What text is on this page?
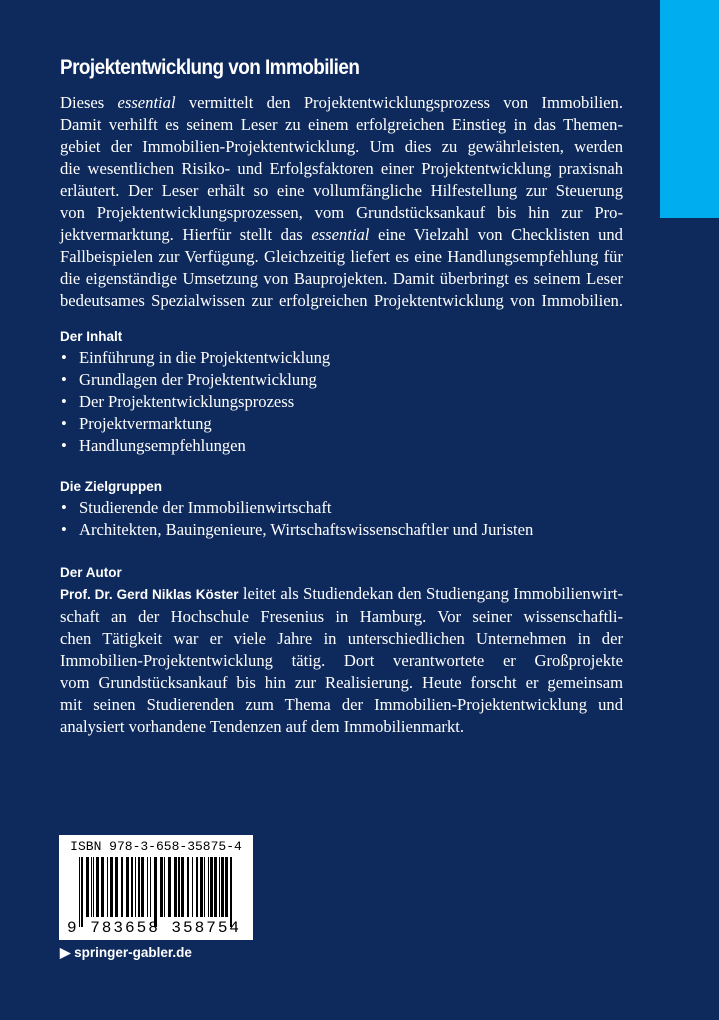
Projektentwicklung von Immobilien
Dieses essential vermittelt den Projektentwicklungsprozess von Immobilien.
Damit verhilft es seinem Leser zu einem erfolgreichen Einstieg in das Themen-
gebiet der Immobilien-Projektentwicklung. Um dies zu gewährleisten, werden
die wesentlichen Risiko- und Erfolgsfaktoren einer Projektentwicklung praxisnah
erläutert. Der Leser erhält so eine vollumfängliche Hilfestellung zur Steuerung
von Projektentwicklungsprozessen, vom Grundstücksankauf bis hin zur Pro-
jektvermarktung. Hierfür stellt das essential eine Vielzahl von Checklisten und
Fallbeispielen zur Verfügung. Gleichzeitig liefert es eine Handlungsempfehlung für
die eigenständige Umsetzung von Bauprojekten. Damit überbringt es seinem Leser
bedeutsames Spezialwissen zur erfolgreichen Projektentwicklung von Immobilien.
Der Inhalt
• Einführung in die Projektentwicklung
• Grundlagen der Projektentwicklung
• Der Projektentwicklungsprozess
• Projektvermarktung
• Handlungsempfehlungen
Die Zielgruppen
• Studierende der Immobilienwirtschaft
• Architekten, Bauingenieure, Wirtschaftswissenschaftler und Juristen
Der Autor
Prof. Dr. Gerd Niklas Köster leitet als Studiendekan den Studiengang Immobilienwirt-
schaft an der Hochschule Fresenius in Hamburg. Vor seiner wissenschaftli-
chen Tätigkeit war er viele Jahre in unterschiedlichen Unternehmen in der
Immobilien-Projektentwicklung tätig. Dort verantwortete er Großprojekte
vom Grundstücksankauf bis hin zur Realisierung. Heute forscht er gemeinsam
mit seinen Studierenden zum Thema der Immobilien-Projektentwicklung und
analysiert vorhandene Tendenzen auf dem Immobilienmarkt.
ISBN 978-3-658-35875-4
9 783658 358754
▶ springer-gabler.de
